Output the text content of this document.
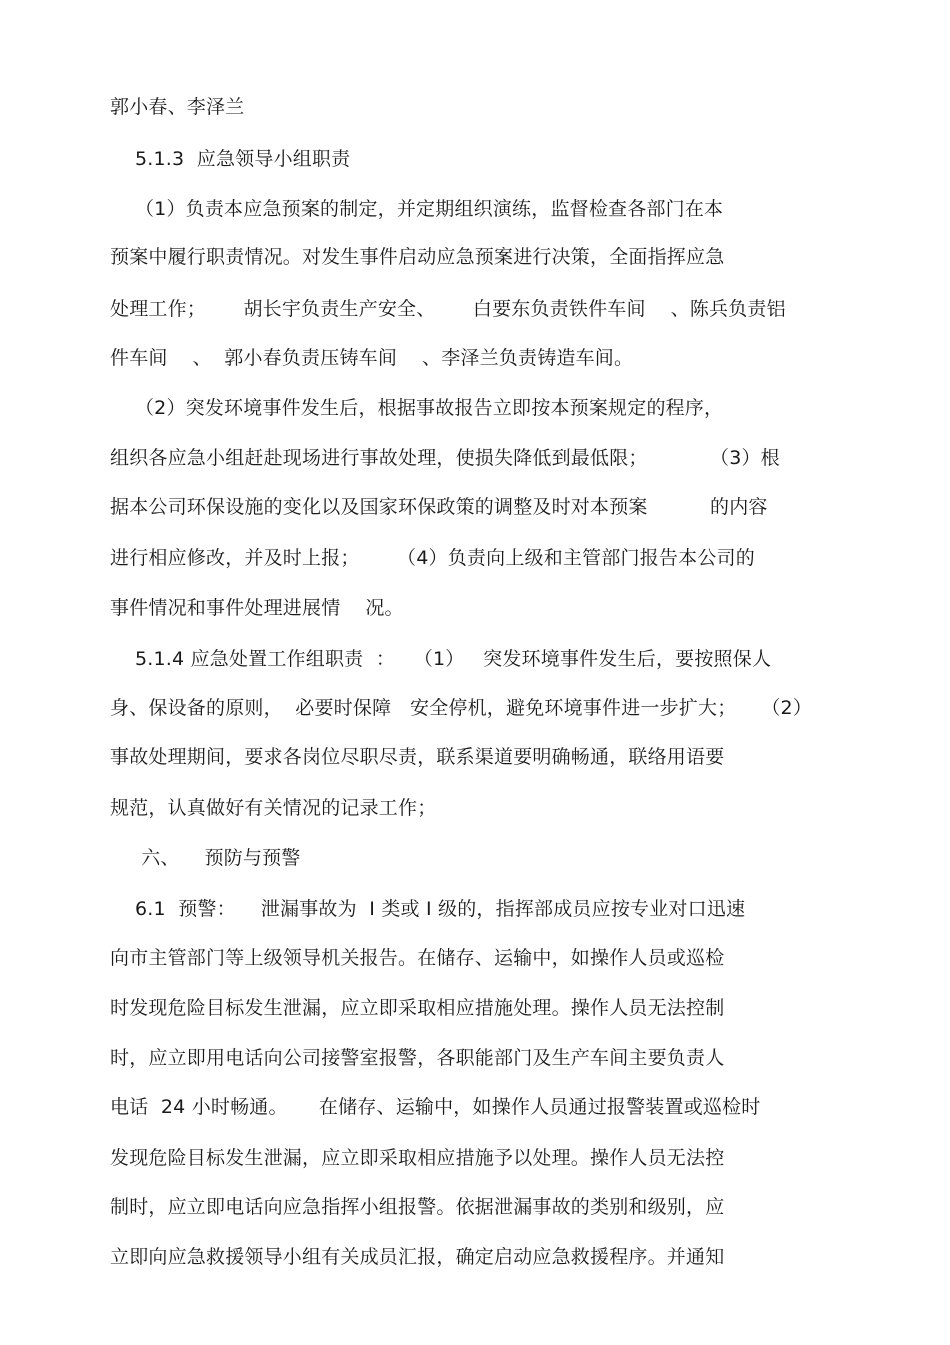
郭小春、李泽兰
5.1.3  应急领导小组职责
（1）负责本应急预案的制定，并定期组织演练，监督检查各部门在本
预案中履行职责情况。对发生事件启动应急预案进行决策，全面指挥应急
处理工作；      胡长宇负责生产安全、      白要东负责铁件车间    、陈兵负责铝
件车间    、  郭小春负责压铸车间    、李泽兰负责铸造车间。
（2）突发环境事件发生后，根据事故报告立即按本预案规定的程序，
组织各应急小组赶赴现场进行事故处理，使损失降低到最低限；          （3）根
据本公司环保设施的变化以及国家环保政策的调整及时对本预案          的内容
进行相应修改，并及时上报；      （4）负责向上级和主管部门报告本公司的
事件情况和事件处理进展情    况。
5.1.4 应急处置工作组职责  ：   （1）   突发环境事件发生后，要按照保人
身、保设备的原则，  必要时保障   安全停机，避免环境事件进一步扩大；    （2）
事故处理期间，要求各岗位尽职尽责，联系渠道要明确畅通，联络用语要
规范，认真做好有关情况的记录工作；
六、    预防与预警
6.1  预警：    泄漏事故为  Ⅰ 类或 Ⅰ 级的，指挥部成员应按专业对口迅速
向市主管部门等上级领导机关报告。在储存、运输中，如操作人员或巡检
时发现危险目标发生泄漏，应立即采取相应措施处理。操作人员无法控制
时，应立即用电话向公司接警室报警，各职能部门及生产车间主要负责人
电话  24 小时畅通。     在储存、运输中，如操作人员通过报警装置或巡检时
发现危险目标发生泄漏，应立即采取相应措施予以处理。操作人员无法控
制时，应立即电话向应急指挥小组报警。依据泄漏事故的类别和级别，应
立即向应急救援领导小组有关成员汇报，确定启动应急救援程序。并通知
